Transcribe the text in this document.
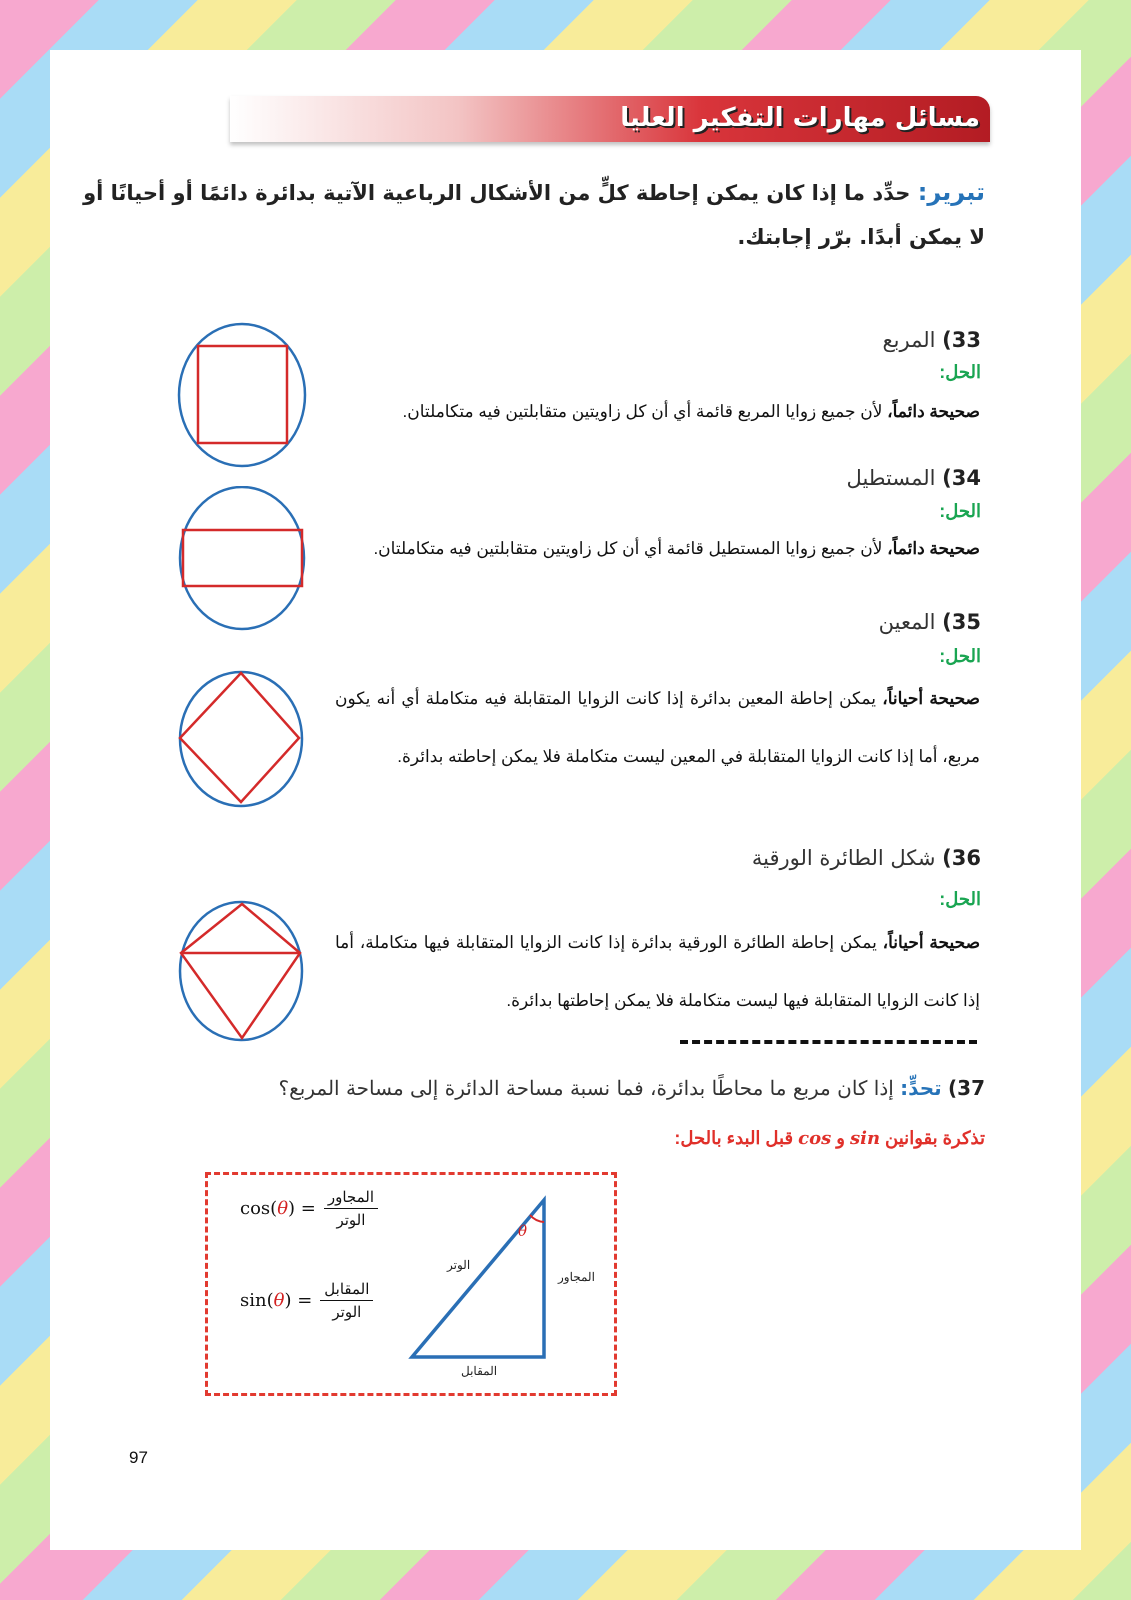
مسائل مهارات التفكير العليا
تبرير: حدِّد ما إذا كان يمكن إحاطة كلٍّ من الأشكال الرباعية الآتية بدائرة دائمًا أو أحيانًا أو لا يمكن أبدًا. برّر إجابتك.
33) المربع
الحل:
صحيحة دائماً، لأن جميع زوايا المربع قائمة أي أن كل زاويتين متقابلتين فيه متكاملتان.
34) المستطيل
الحل:
صحيحة دائماً، لأن جميع زوايا المستطيل قائمة أي أن كل زاويتين متقابلتين فيه متكاملتان.
35) المعين
الحل:
صحيحة أحياناً، يمكن إحاطة المعين بدائرة إذا كانت الزوايا المتقابلة فيه متكاملة أي أنه يكون مربع، أما إذا كانت الزوايا المتقابلة في المعين ليست متكاملة فلا يمكن إحاطته بدائرة.
36) شكل الطائرة الورقية
الحل:
صحيحة أحياناً، يمكن إحاطة الطائرة الورقية بدائرة إذا كانت الزوايا المتقابلة فيها متكاملة، أما إذا كانت الزوايا المتقابلة فيها ليست متكاملة فلا يمكن إحاطتها بدائرة.
37) تحدٍّ: إذا كان مربع ما محاطًا بدائرة، فما نسبة مساحة الدائرة إلى مساحة المربع؟
تذكرة بقوانين sin و cos قبل البدء بالحل:
cos ( θ ) = $\frac{\text{المجاور}}{\text{الوتر}}$
sin ( θ ) = $\frac{\text{المقابل}}{\text{الوتر}}$
θ
الوتر
المجاور
المقابل
97
